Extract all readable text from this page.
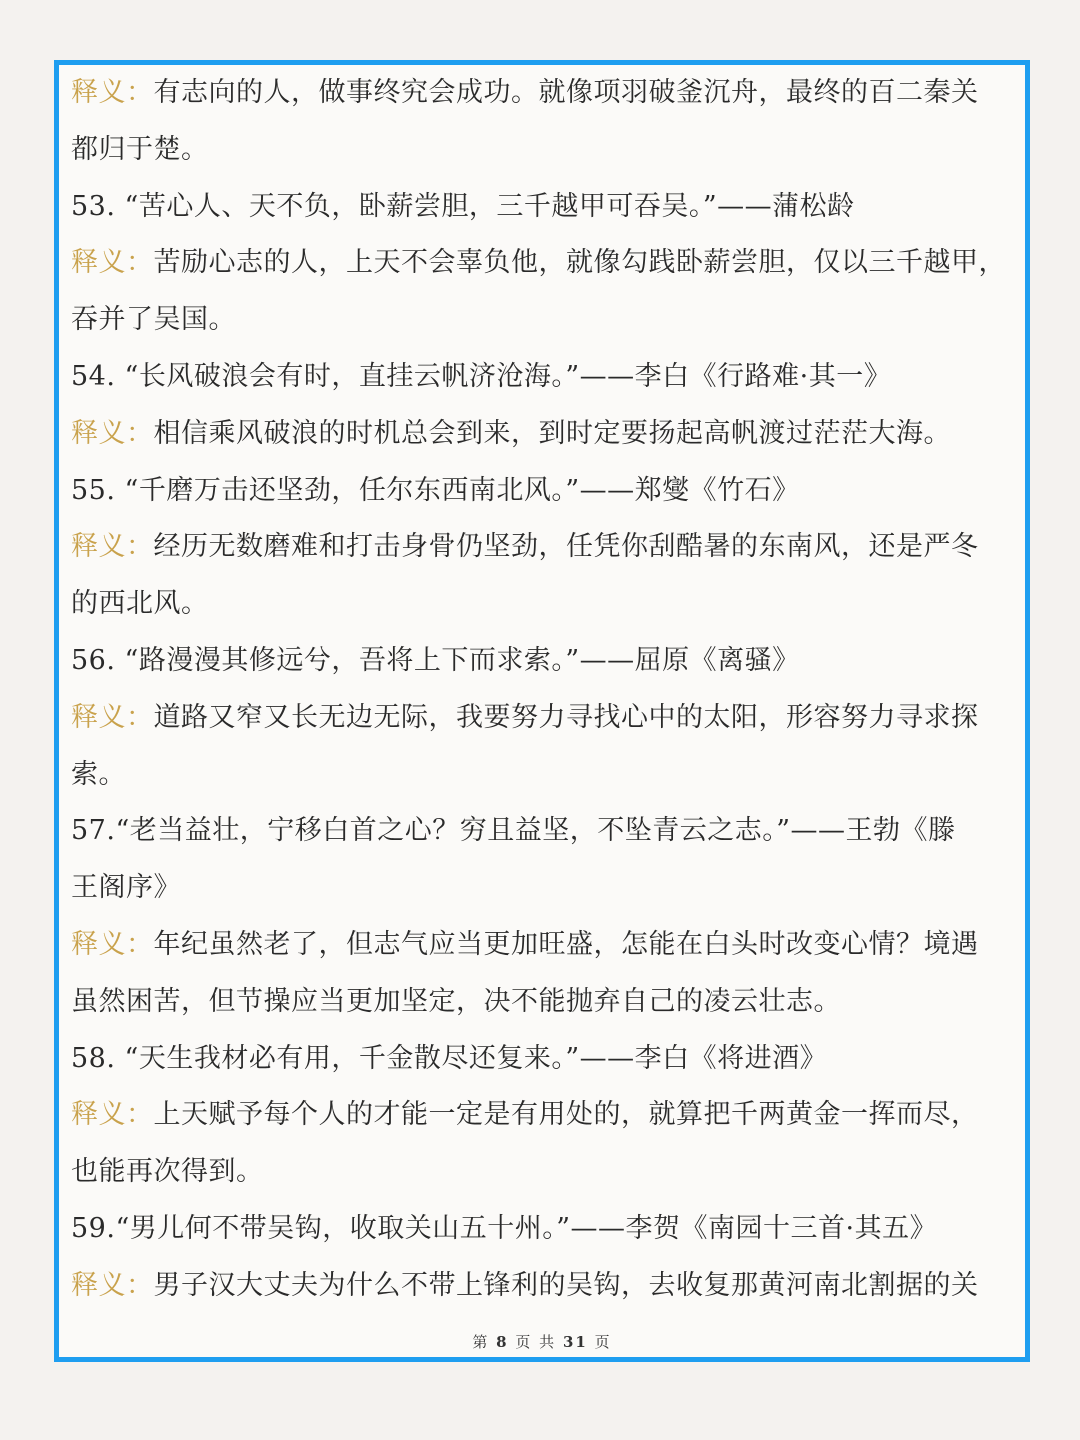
释义：有志向的人，做事终究会成功。就像项羽破釜沉舟，最终的百二秦关
都归于楚。
53. “苦心人、天不负，卧薪尝胆，三千越甲可吞吴。”——蒲松龄
释义：苦励心志的人，上天不会辜负他，就像勾践卧薪尝胆，仅以三千越甲，
吞并了吴国。
54. “长风破浪会有时，直挂云帆济沧海。”——李白《行路难·其一》
释义：相信乘风破浪的时机总会到来，到时定要扬起高帆渡过茫茫大海。
55. “千磨万击还坚劲，任尔东西南北风。”——郑燮《竹石》
释义：经历无数磨难和打击身骨仍坚劲，任凭你刮酷暑的东南风，还是严冬
的西北风。
56. “路漫漫其修远兮，吾将上下而求索。”——屈原《离骚》
释义：道路又窄又长无边无际，我要努力寻找心中的太阳，形容努力寻求探
索。
57.“老当益壮，宁移白首之心？穷且益坚，不坠青云之志。”——王勃《滕
王阁序》
释义：年纪虽然老了，但志气应当更加旺盛，怎能在白头时改变心情？境遇
虽然困苦，但节操应当更加坚定，决不能抛弃自己的凌云壮志。
58. “天生我材必有用，千金散尽还复来。”——李白《将进酒》
释义：上天赋予每个人的才能一定是有用处的，就算把千两黄金一挥而尽，
也能再次得到。
59.“男儿何不带吴钩，收取关山五十州。”——李贺《南园十三首·其五》
释义：男子汉大丈夫为什么不带上锋利的吴钩，去收复那黄河南北割据的关
第 8 页 共 31 页
